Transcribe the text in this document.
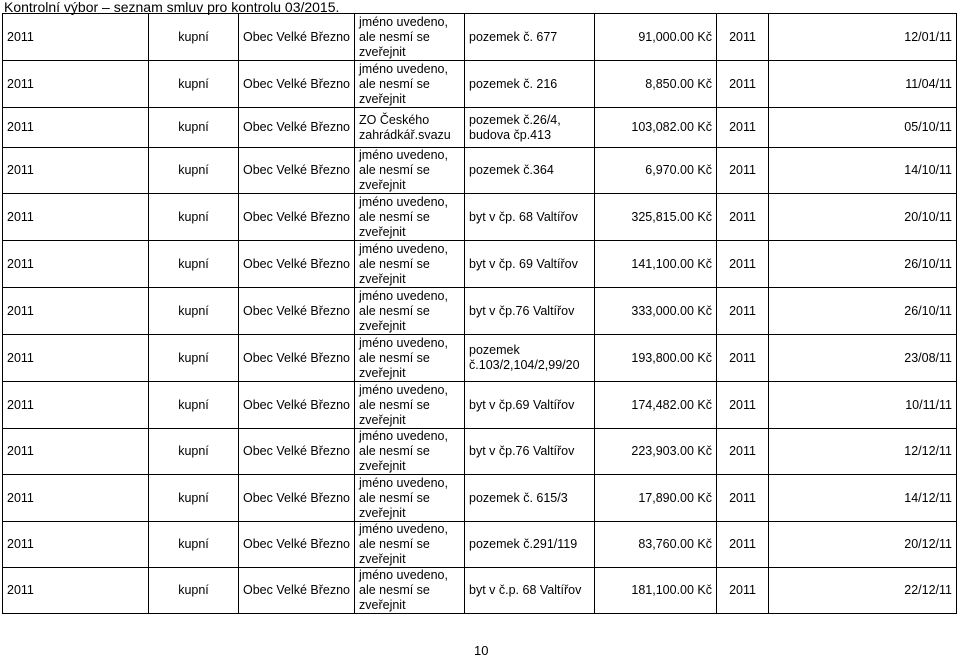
Kontrolní výbor – seznam smluv pro kontrolu 03/2015.
2011	kupní	Obec Velké Březno	jméno uvedeno, ale nesmí se zveřejnit	pozemek č. 677	91,000.00 Kč	2011	12/01/11
2011	kupní	Obec Velké Březno	jméno uvedeno, ale nesmí se zveřejnit	pozemek č. 216	8,850.00 Kč	2011	11/04/11
2011	kupní	Obec Velké Březno	ZO Českého zahrádkář.svazu	pozemek č.26/4, budova čp.413	103,082.00 Kč	2011	05/10/11
2011	kupní	Obec Velké Březno	jméno uvedeno, ale nesmí se zveřejnit	pozemek č.364	6,970.00 Kč	2011	14/10/11
2011	kupní	Obec Velké Březno	jméno uvedeno, ale nesmí se zveřejnit	byt v čp. 68 Valtířov	325,815.00 Kč	2011	20/10/11
2011	kupní	Obec Velké Březno	jméno uvedeno, ale nesmí se zveřejnit	byt v čp. 69 Valtířov	141,100.00 Kč	2011	26/10/11
2011	kupní	Obec Velké Březno	jméno uvedeno, ale nesmí se zveřejnit	byt v čp.76 Valtířov	333,000.00 Kč	2011	26/10/11
2011	kupní	Obec Velké Březno	jméno uvedeno, ale nesmí se zveřejnit	pozemek č.103/2,104/2,99/20	193,800.00 Kč	2011	23/08/11
2011	kupní	Obec Velké Březno	jméno uvedeno, ale nesmí se zveřejnit	byt v čp.69 Valtířov	174,482.00 Kč	2011	10/11/11
2011	kupní	Obec Velké Březno	jméno uvedeno, ale nesmí se zveřejnit	byt v čp.76 Valtířov	223,903.00 Kč	2011	12/12/11
2011	kupní	Obec Velké Březno	jméno uvedeno, ale nesmí se zveřejnit	pozemek č. 615/3	17,890.00 Kč	2011	14/12/11
2011	kupní	Obec Velké Březno	jméno uvedeno, ale nesmí se zveřejnit	pozemek č.291/119	83,760.00 Kč	2011	20/12/11
2011	kupní	Obec Velké Březno	jméno uvedeno, ale nesmí se zveřejnit	byt v č.p. 68 Valtířov	181,100.00 Kč	2011	22/12/11
10
